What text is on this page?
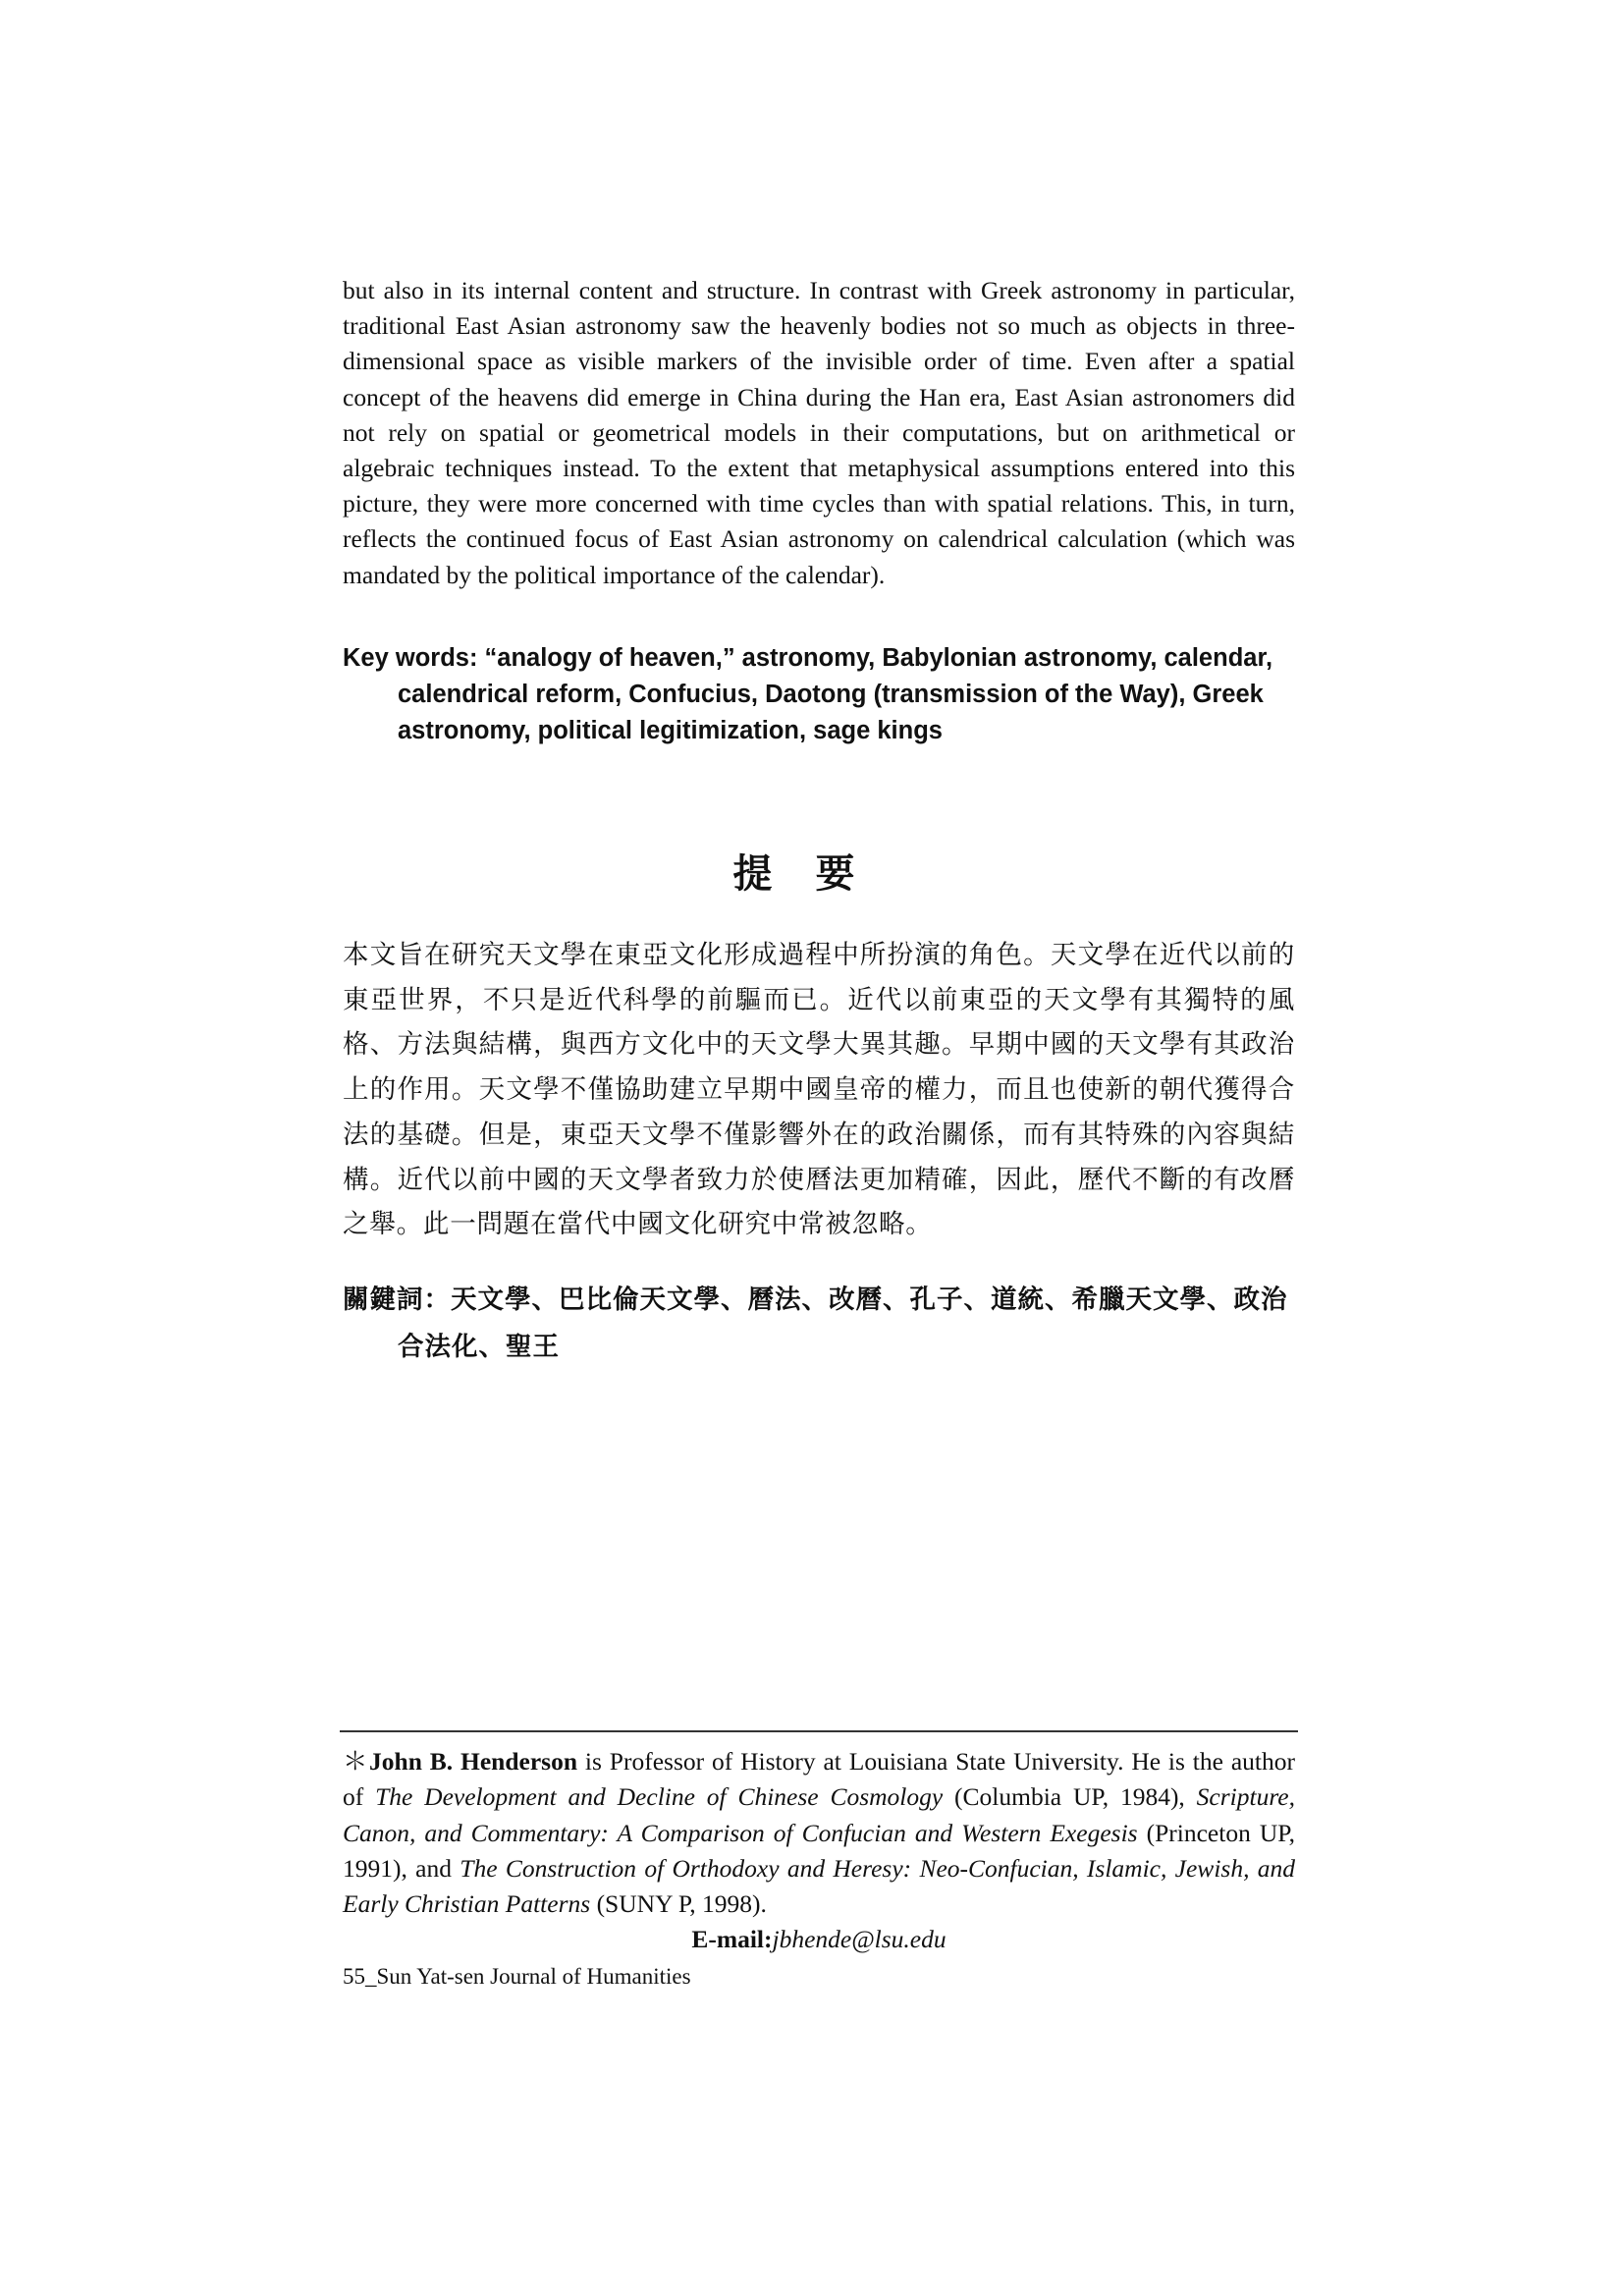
but also in its internal content and structure. In contrast with Greek astronomy in particular, traditional East Asian astronomy saw the heavenly bodies not so much as objects in three-dimensional space as visible markers of the invisible order of time. Even after a spatial concept of the heavens did emerge in China during the Han era, East Asian astronomers did not rely on spatial or geometrical models in their computations, but on arithmetical or algebraic techniques instead. To the extent that metaphysical assumptions entered into this picture, they were more concerned with time cycles than with spatial relations. This, in turn, reflects the continued focus of East Asian astronomy on calendrical calculation (which was mandated by the political importance of the calendar).

Key words: “analogy of heaven,” astronomy, Babylonian astronomy, calendar, calendrical reform, Confucius, Daotong (transmission of the Way), Greek astronomy, political legitimization, sage kings

提要

本文旨在研究天文學在東亞文化形成過程中所扮演的角色。天文學在近代以前的東亞世界，不只是近代科學的前驅而已。近代以前東亞的天文學有其獨特的風格、方法與結構，與西方文化中的天文學大異其趣。早期中國的天文學有其政治上的作用。天文學不僅協助建立早期中國皇帝的權力，而且也使新的朝代獲得合法的基礎。但是，東亞天文學不僅影響外在的政治關係，而有其特殊的內容與結構。近代以前中國的天文學者致力於使曆法更加精確，因此，歷代不斷的有改曆之舉。此一問題在當代中國文化研究中常被忽略。

關鍵詞：天文學、巴比倫天文學、曆法、改曆、孔子、道統、希臘天文學、政治合法化、聖王

＊John B. Henderson is Professor of History at Louisiana State University. He is the author of The Development and Decline of Chinese Cosmology (Columbia UP, 1984), Scripture, Canon, and Commentary: A Comparison of Confucian and Western Exegesis (Princeton UP, 1991), and The Construction of Orthodoxy and Heresy: Neo-Confucian, Islamic, Jewish, and Early Christian Patterns (SUNY P, 1998).
E-mail:jbhende@lsu.edu

55_Sun Yat-sen Journal of Humanities
